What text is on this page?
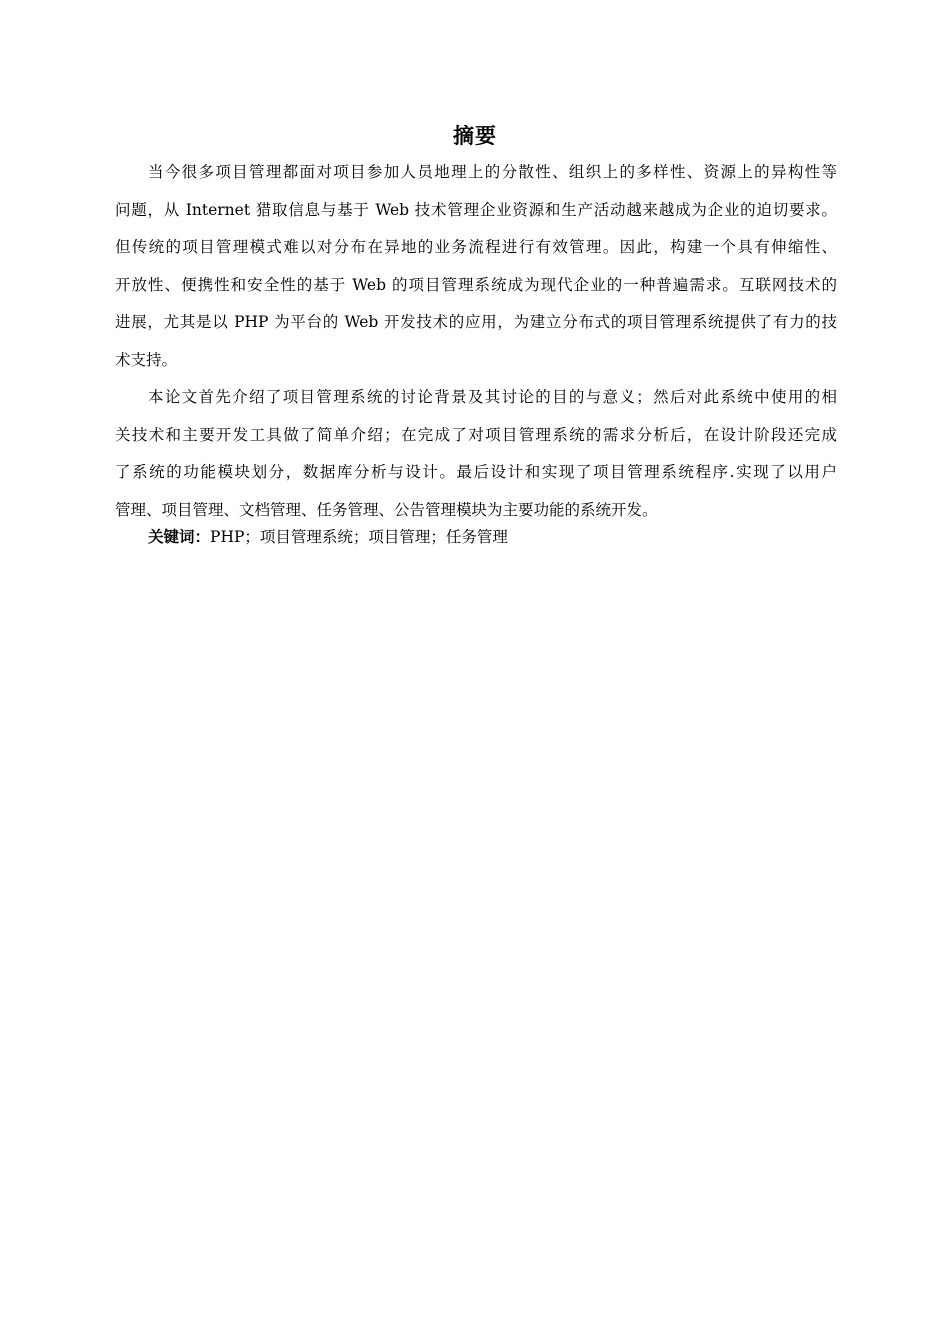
摘要
当今很多项目管理都面对项目参加人员地理上的分散性、组织上的多样性、资源上的异构性等
问题，从 Internet 猎取信息与基于 Web 技术管理企业资源和生产活动越来越成为企业的迫切要求。
但传统的项目管理模式难以对分布在异地的业务流程进行有效管理。因此，构建一个具有伸缩性、
开放性、便携性和安全性的基于 Web 的项目管理系统成为现代企业的一种普遍需求。互联网技术的
进展，尤其是以 PHP 为平台的 Web 开发技术的应用，为建立分布式的项目管理系统提供了有力的技
术支持。
本论文首先介绍了项目管理系统的讨论背景及其讨论的目的与意义；然后对此系统中使用的相
关技术和主要开发工具做了简单介绍；在完成了对项目管理系统的需求分析后，在设计阶段还完成
了系统的功能模块划分，数据库分析与设计。最后设计和实现了项目管理系统程序.实现了以用户
管理、项目管理、文档管理、任务管理、公告管理模块为主要功能的系统开发。
关键词：PHP；项目管理系统；项目管理；任务管理
